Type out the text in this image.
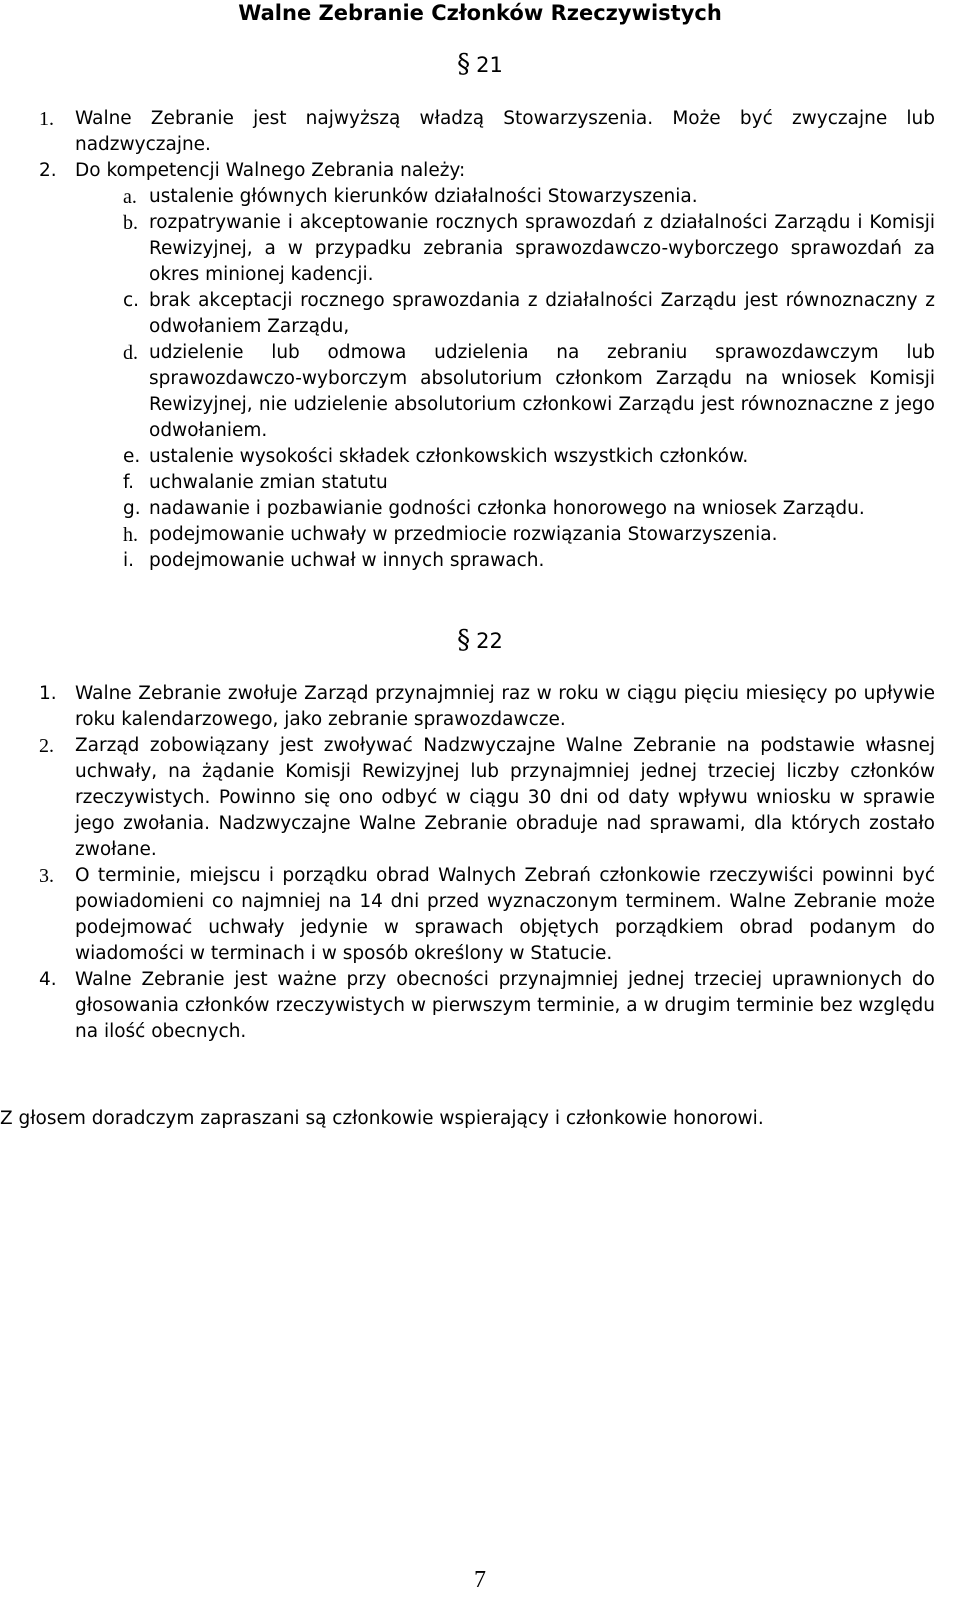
Walne Zebranie Członków Rzeczywistych
§ 21
1. Walne Zebranie jest najwyższą władzą Stowarzyszenia. Może być zwyczajne lub nadzwyczajne.
2. Do kompetencji Walnego Zebrania należy:
a. ustalenie głównych kierunków działalności Stowarzyszenia.
b. rozpatrywanie i akceptowanie rocznych sprawozdań z działalności Zarządu i Komisji Rewizyjnej, a w przypadku zebrania sprawozdawczo-wyborczego sprawozdań za okres minionej kadencji.
c. brak akceptacji rocznego sprawozdania z działalności Zarządu jest równoznaczny z odwołaniem Zarządu,
d. udzielenie lub odmowa udzielenia na zebraniu sprawozdawczym lub sprawozdawczo-wyborczym absolutorium członkom Zarządu na wniosek Komisji Rewizyjnej, nie udzielenie absolutorium członkowi Zarządu jest równoznaczne z jego odwołaniem.
e. ustalenie wysokości składek członkowskich wszystkich członków.
f. uchwalanie zmian statutu
g. nadawanie i pozbawianie godności członka honorowego na wniosek Zarządu.
h. podejmowanie uchwały w przedmiocie rozwiązania Stowarzyszenia.
i. podejmowanie uchwał w innych sprawach.
§ 22
1. Walne Zebranie zwołuje Zarząd przynajmniej raz w roku w ciągu pięciu miesięcy po upływie roku kalendarzowego, jako zebranie sprawozdawcze.
2. Zarząd zobowiązany jest zwoływać Nadzwyczajne Walne Zebranie na podstawie własnej uchwały, na żądanie Komisji Rewizyjnej lub przynajmniej jednej trzeciej liczby członków rzeczywistych. Powinno się ono odbyć w ciągu 30 dni od daty wpływu wniosku w sprawie jego zwołania. Nadzwyczajne Walne Zebranie obraduje nad sprawami, dla których zostało zwołane.
3. O terminie, miejscu i porządku obrad Walnych Zebrań członkowie rzeczywiści powinni być powiadomieni co najmniej na 14 dni przed wyznaczonym terminem. Walne Zebranie może podejmować uchwały jedynie w sprawach objętych porządkiem obrad podanym do wiadomości w terminach i w sposób określony w Statucie.
4. Walne Zebranie jest ważne przy obecności przynajmniej jednej trzeciej uprawnionych do głosowania członków rzeczywistych w pierwszym terminie, a w drugim terminie bez względu na ilość obecnych.
Z głosem doradczym zapraszani są członkowie wspierający i członkowie honorowi.
7
